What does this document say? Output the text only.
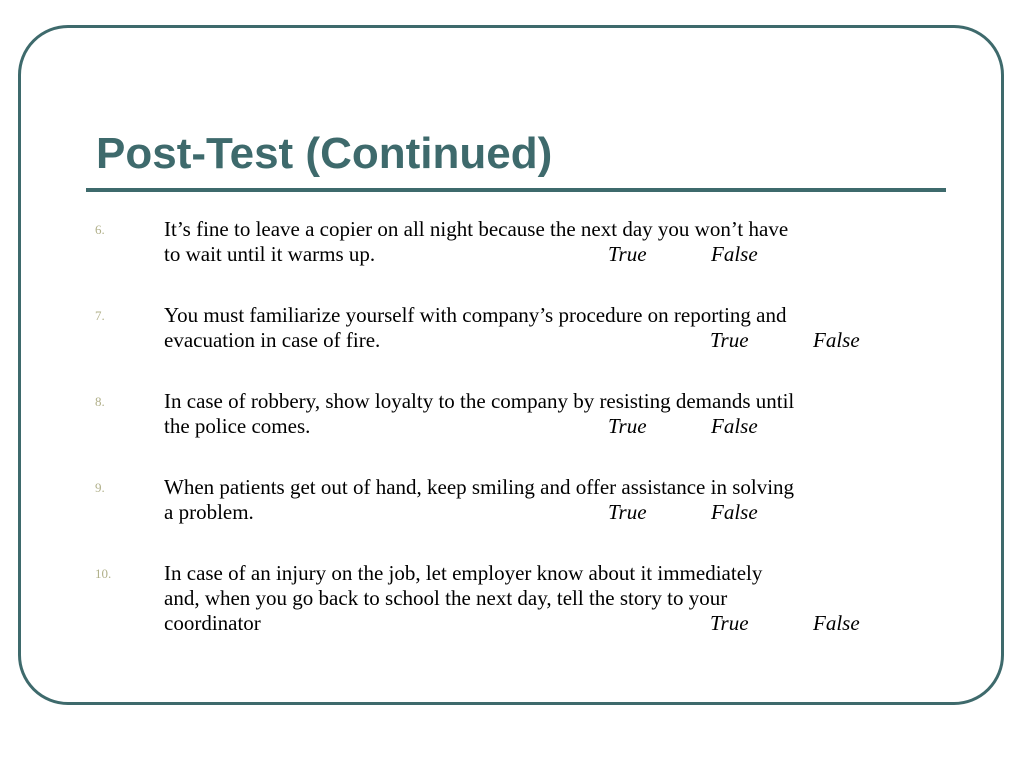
Post-Test (Continued)
6.	It’s fine to leave a copier on all night because the next day you won’t have
to wait until it warms up.	True	False
7.	You must familiarize yourself with company’s procedure on reporting and
evacuation in case of fire.	True	False
8.	In case of robbery, show loyalty to the company by resisting demands until
the police comes.	True	False
9.	When patients get out of hand, keep smiling and offer assistance in solving
a problem.	True	False
10.	In case of an injury on the job, let employer know about it immediately
and, when you go back to school the next day, tell the story to your
coordinator	True	False
